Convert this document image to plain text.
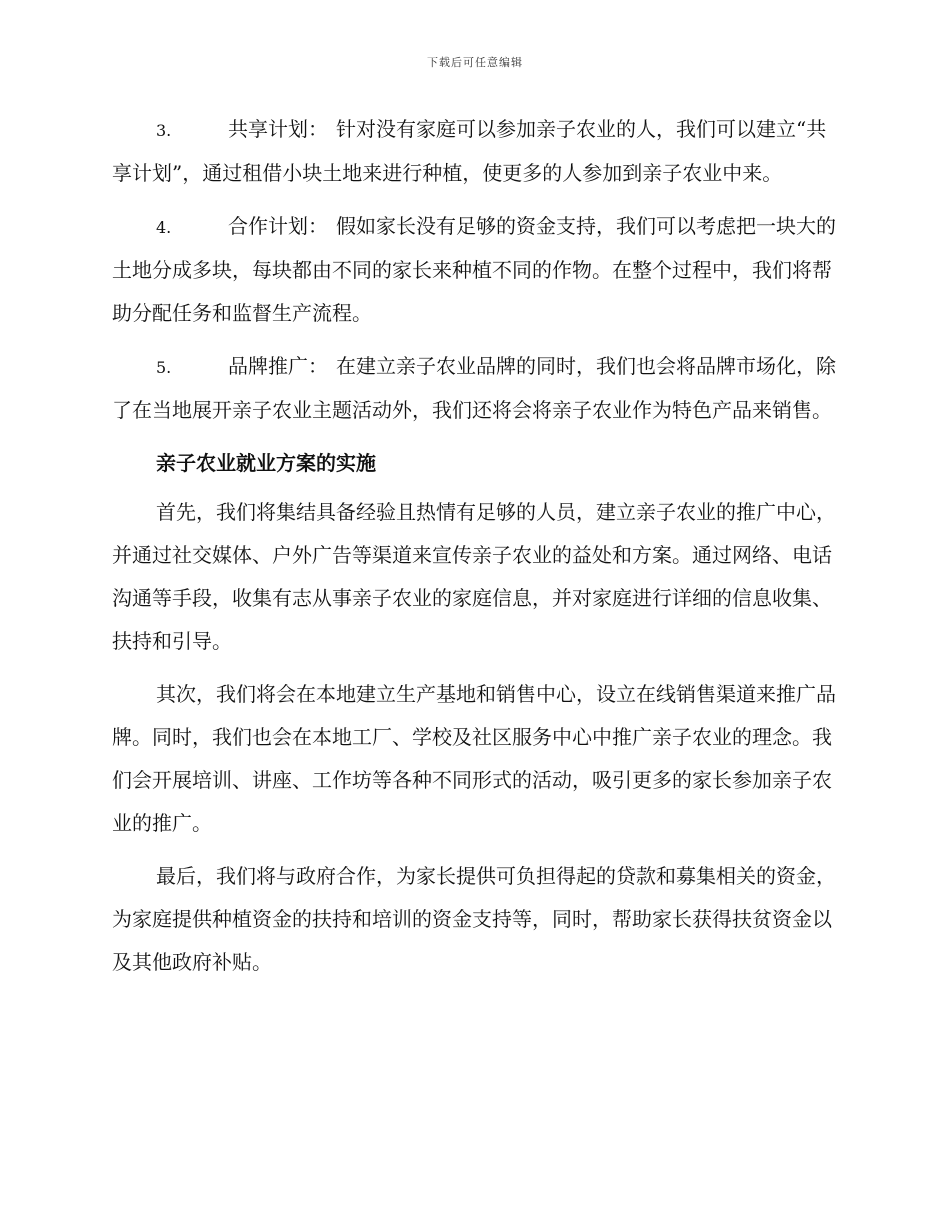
下载后可任意编辑

3.	共享计划： 针对没有家庭可以参加亲子农业的人，我们可以建立“共享计划”，通过租借小块土地来进行种植，使更多的人参加到亲子农业中来。

4.	合作计划： 假如家长没有足够的资金支持，我们可以考虑把一块大的土地分成多块，每块都由不同的家长来种植不同的作物。在整个过程中，我们将帮助分配任务和监督生产流程。

5.	品牌推广： 在建立亲子农业品牌的同时，我们也会将品牌市场化，除了在当地展开亲子农业主题活动外，我们还将会将亲子农业作为特色产品来销售。

亲子农业就业方案的实施

首先，我们将集结具备经验且热情有足够的人员，建立亲子农业的推广中心，并通过社交媒体、户外广告等渠道来宣传亲子农业的益处和方案。通过网络、电话沟通等手段，收集有志从事亲子农业的家庭信息，并对家庭进行详细的信息收集、扶持和引导。

其次，我们将会在本地建立生产基地和销售中心，设立在线销售渠道来推广品牌。同时，我们也会在本地工厂、学校及社区服务中心中推广亲子农业的理念。我们会开展培训、讲座、工作坊等各种不同形式的活动，吸引更多的家长参加亲子农业的推广。

最后，我们将与政府合作，为家长提供可负担得起的贷款和募集相关的资金，为家庭提供种植资金的扶持和培训的资金支持等，同时，帮助家长获得扶贫资金以及其他政府补贴。
